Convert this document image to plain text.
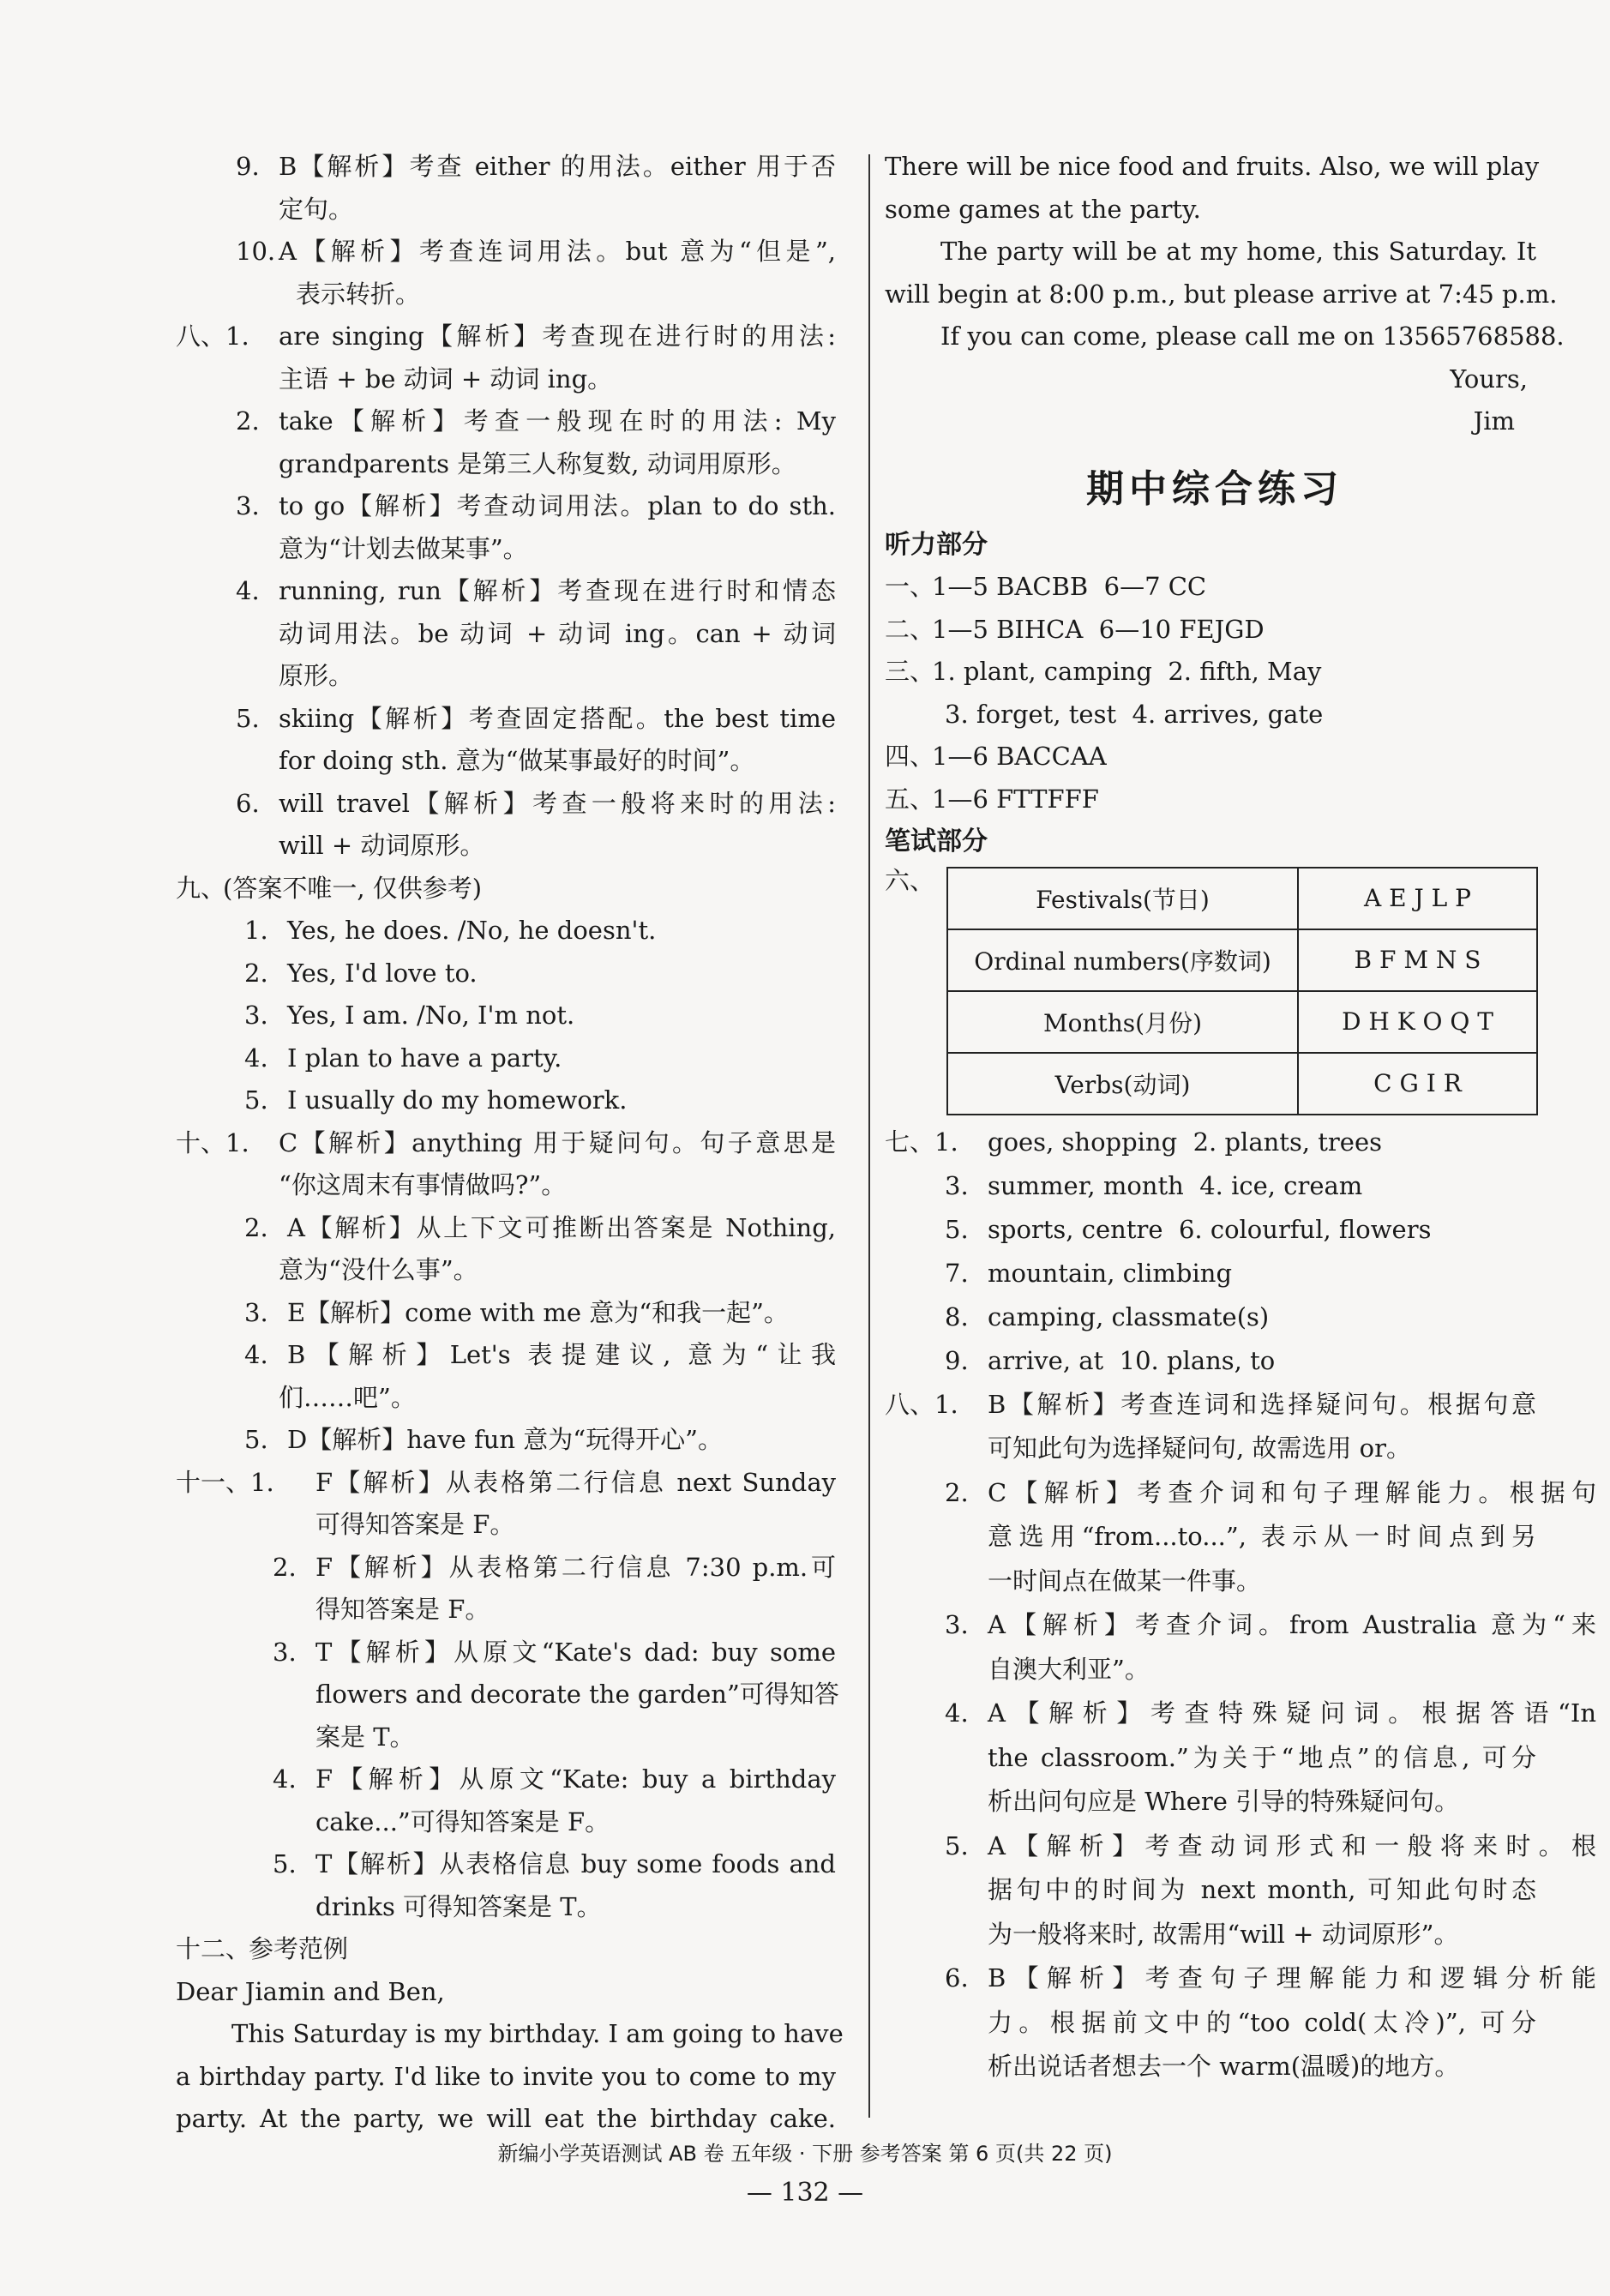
9. B【解析】考查 either 的用法。either 用于否
定句。
10. A【解析】考查连词用法。but 意为“但是”,
表示转折。
八、1. are singing【解析】考查现在进行时的用法:
主语 + be 动词 + 动词 ing。
2. take【解析】考查一般现在时的用法: My
grandparents 是第三人称复数, 动词用原形。
3. to go【解析】考查动词用法。plan to do sth.
意为“计划去做某事”。
4. running, run【解析】考查现在进行时和情态
动词用法。be 动词 + 动词 ing。can + 动词
原形。
5. skiing【解析】考查固定搭配。the best time
for doing sth. 意为“做某事最好的时间”。
6. will travel【解析】考查一般将来时的用法:
will + 动词原形。
九、
(答案不唯一, 仅供参考)
1. Yes, he does. /No, he doesn't.
2. Yes, I'd love to.
3. Yes, I am. /No, I'm not.
4. I plan to have a party.
5. I usually do my homework.
十、1. C【解析】anything 用于疑问句。句子意思是
“你这周末有事情做吗?”。
2. A【解析】从上下文可推断出答案是 Nothing,
意为“没什么事”。
3. E【解析】come with me 意为“和我一起”。
4. B【解析】Let's 表提建议, 意为“让我
们……吧”。
5. D【解析】have fun 意为“玩得开心”。
十一、1. F【解析】从表格第二行信息 next Sunday
可得知答案是 F。
2. F【解析】从表格第二行信息 7:30 p.m.可
得知答案是 F。
3. T【解析】从原文“Kate's dad: buy some
flowers and decorate the garden”可得知答
案是 T。
4. F【解析】从原文“Kate: buy a birthday
cake...”可得知答案是 F。
5. T【解析】从表格信息 buy some foods and
drinks 可得知答案是 T。
十二、
参考范例
Dear Jiamin and Ben,
This Saturday is my birthday. I am going to have
a birthday party. I'd like to invite you to come to my
party. At the party, we will eat the birthday cake.
There will be nice food and fruits. Also, we will play
some games at the party.
The party will be at my home, this Saturday. It
will begin at 8:00 p.m., but please arrive at 7:45 p.m.
If you can come, please call me on 13565768588.
Yours,
Jim
期中综合练习
听力部分
一、
1—5 BACBB  6—7 CC
二、
1—5 BIHCA  6—10 FEJGD
三、
1. plant, camping  2. fifth, May
3. forget, test  4. arrives, gate
四、
1—6 BACCAA
五、
1—6 FTTFFF
笔试部分
六、
Festivals(节日)	A E J L P
Ordinal numbers(序数词)	B F M N S
Months(月份)	D H K O Q T
Verbs(动词)	C G I R
七、1. goes, shopping  2. plants, trees
3. summer, month  4. ice, cream
5. sports, centre  6. colourful, flowers
7. mountain, climbing
8. camping, classmate(s)
9. arrive, at  10. plans, to
八、1. B【解析】考查连词和选择疑问句。根据句意
可知此句为选择疑问句, 故需选用 or。
2. C【解析】考查介词和句子理解能力。根据句
意选用“from...to...”, 表示从一时间点到另
一时间点在做某一件事。
3. A【解析】考查介词。from Australia 意为“来
自澳大利亚”。
4. A【解析】考查特殊疑问词。根据答语“In
the classroom.”为关于“地点”的信息, 可分
析出问句应是 Where 引导的特殊疑问句。
5. A【解析】考查动词形式和一般将来时。根
据句中的时间为 next month, 可知此句时态
为一般将来时, 故需用“will + 动词原形”。
6. B【解析】考查句子理解能力和逻辑分析能
力。根据前文中的“too cold(太冷)”, 可分
析出说话者想去一个 warm(温暖)的地方。
新编小学英语测试 AB 卷 五年级 · 下册 参考答案 第 6 页(共 22 页)
— 132 —
